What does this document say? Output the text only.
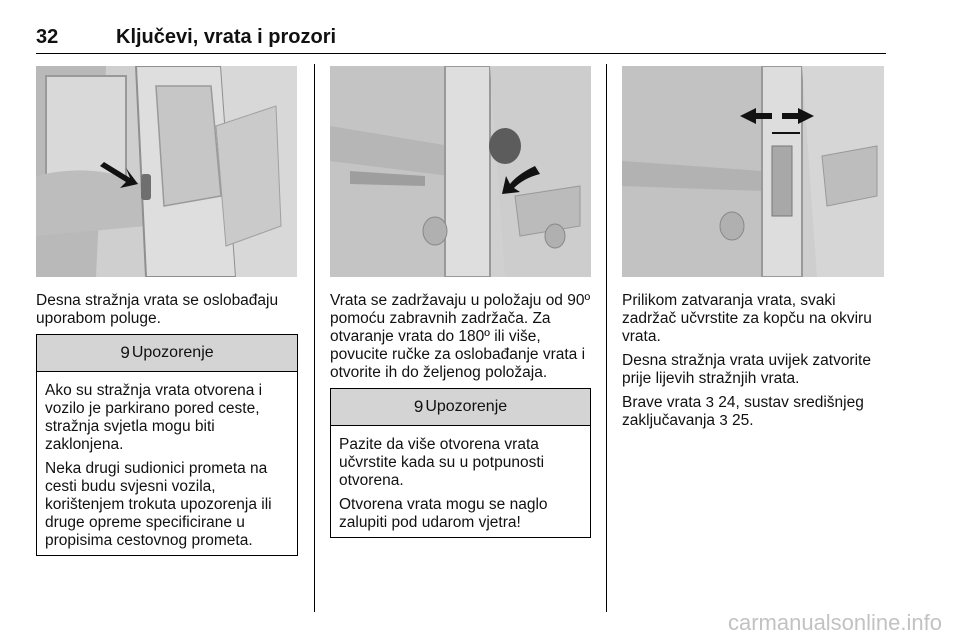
32	Ključevi, vrata i prozori

Desna stražnja vrata se oslobađaju uporabom poluge.

9 Upozorenje

Ako su stražnja vrata otvorena i vozilo je parkirano pored ceste, stražnja svjetla mogu biti zaklonjena.

Neka drugi sudionici prometa na cesti budu svjesni vozila, korištenjem trokuta upozorenja ili druge opreme specificirane u propisima cestovnog prometa.

Vrata se zadržavaju u položaju od 90º pomoću zabravnih zadržača. Za otvaranje vrata do 180º ili više, povucite ručke za oslobađanje vrata i otvorite ih do željenog položaja.

9 Upozorenje

Pazite da više otvorena vrata učvrstite kada su u potpunosti otvorena.

Otvorena vrata mogu se naglo zalupiti pod udarom vjetra!

Prilikom zatvaranja vrata, svaki zadržač učvrstite za kopču na okviru vrata.

Desna stražnja vrata uvijek zatvorite prije lijevih stražnjih vrata.

Brave vrata 3 24, sustav središnjeg zaključavanja 3 25.

carmanualsonline.info
